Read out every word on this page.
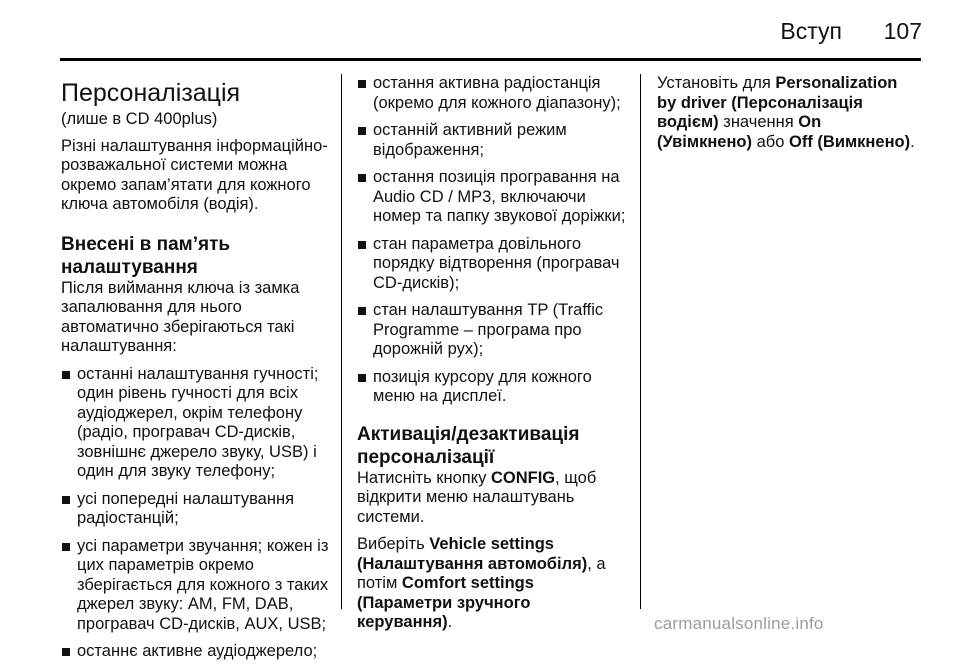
Вступ 107
Персоналізація

(лише в CD 400plus)

Різні налаштування інформаційно-розважальної системи можна окремо запам’ятати для кожного ключа автомобіля (водія).

Внесені в пам’ять налаштування

Після виймання ключа із замка запалювання для нього автоматично зберігаються такі налаштування:

останні налаштування гучності; один рівень гучності для всіх аудіоджерел, окрім телефону (радіо, програвач CD-дисків, зовнішнє джерело звуку, USB) і один для звуку телефону;
усі попередні налаштування радіостанцій;
усі параметри звучання; кожен із цих параметрів окремо зберігається для кожного з таких джерел звуку: AM, FM, DAB, програвач CD-дисків, AUX, USB;
останнє активне аудіоджерело;
остання активна радіостанція (окремо для кожного діапазону);
останній активний режим відображення;
остання позиція програвання на Audio CD / MP3, включаючи номер та папку звукової доріжки;
стан параметра довільного порядку відтворення (програвач CD-дисків);
стан налаштування TP (Traffic Programme – програма про дорожній рух);
позиція курсору для кожного меню на дисплеї.
Активація/дезактивація персоналізації

Натисніть кнопку CONFIG, щоб відкрити меню налаштувань системи.

Виберіть Vehicle settings (Налаштування автомобіля), а потім Comfort settings (Параметри зручного керування).

Установіть для Personalization by driver (Персоналізація водієм) значення On (Увімкнено) або Off (Вимкнено).

carmanualsonline.info
